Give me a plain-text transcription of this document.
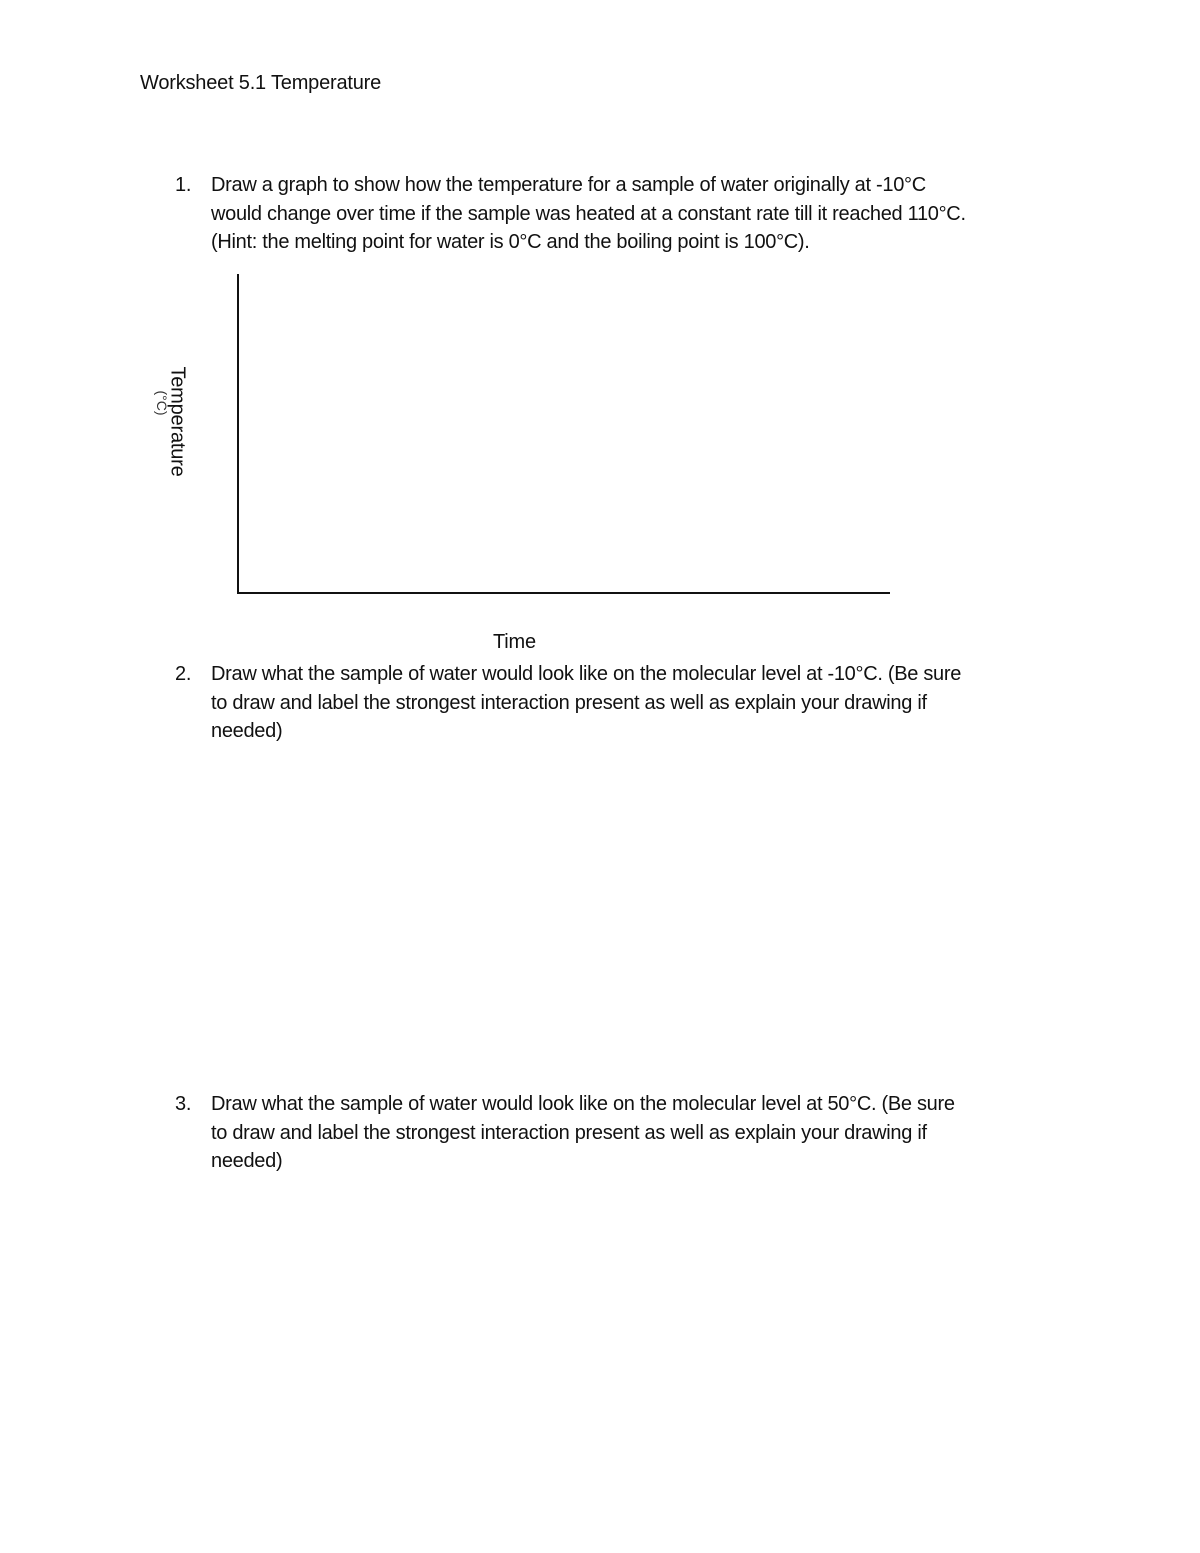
Worksheet 5.1 Temperature
1. Draw a graph to show how the temperature for a sample of water originally at -10°C
would change over time if the sample was heated at a constant rate till it reached 110°C.
(Hint: the melting point for water is 0°C and the boiling point is 100°C).
Temperature
(°C)
Time
2. Draw what the sample of water would look like on the molecular level at -10°C. (Be sure
to draw and label the strongest interaction present as well as explain your drawing if
needed)
3. Draw what the sample of water would look like on the molecular level at 50°C. (Be sure
to draw and label the strongest interaction present as well as explain your drawing if
needed)
